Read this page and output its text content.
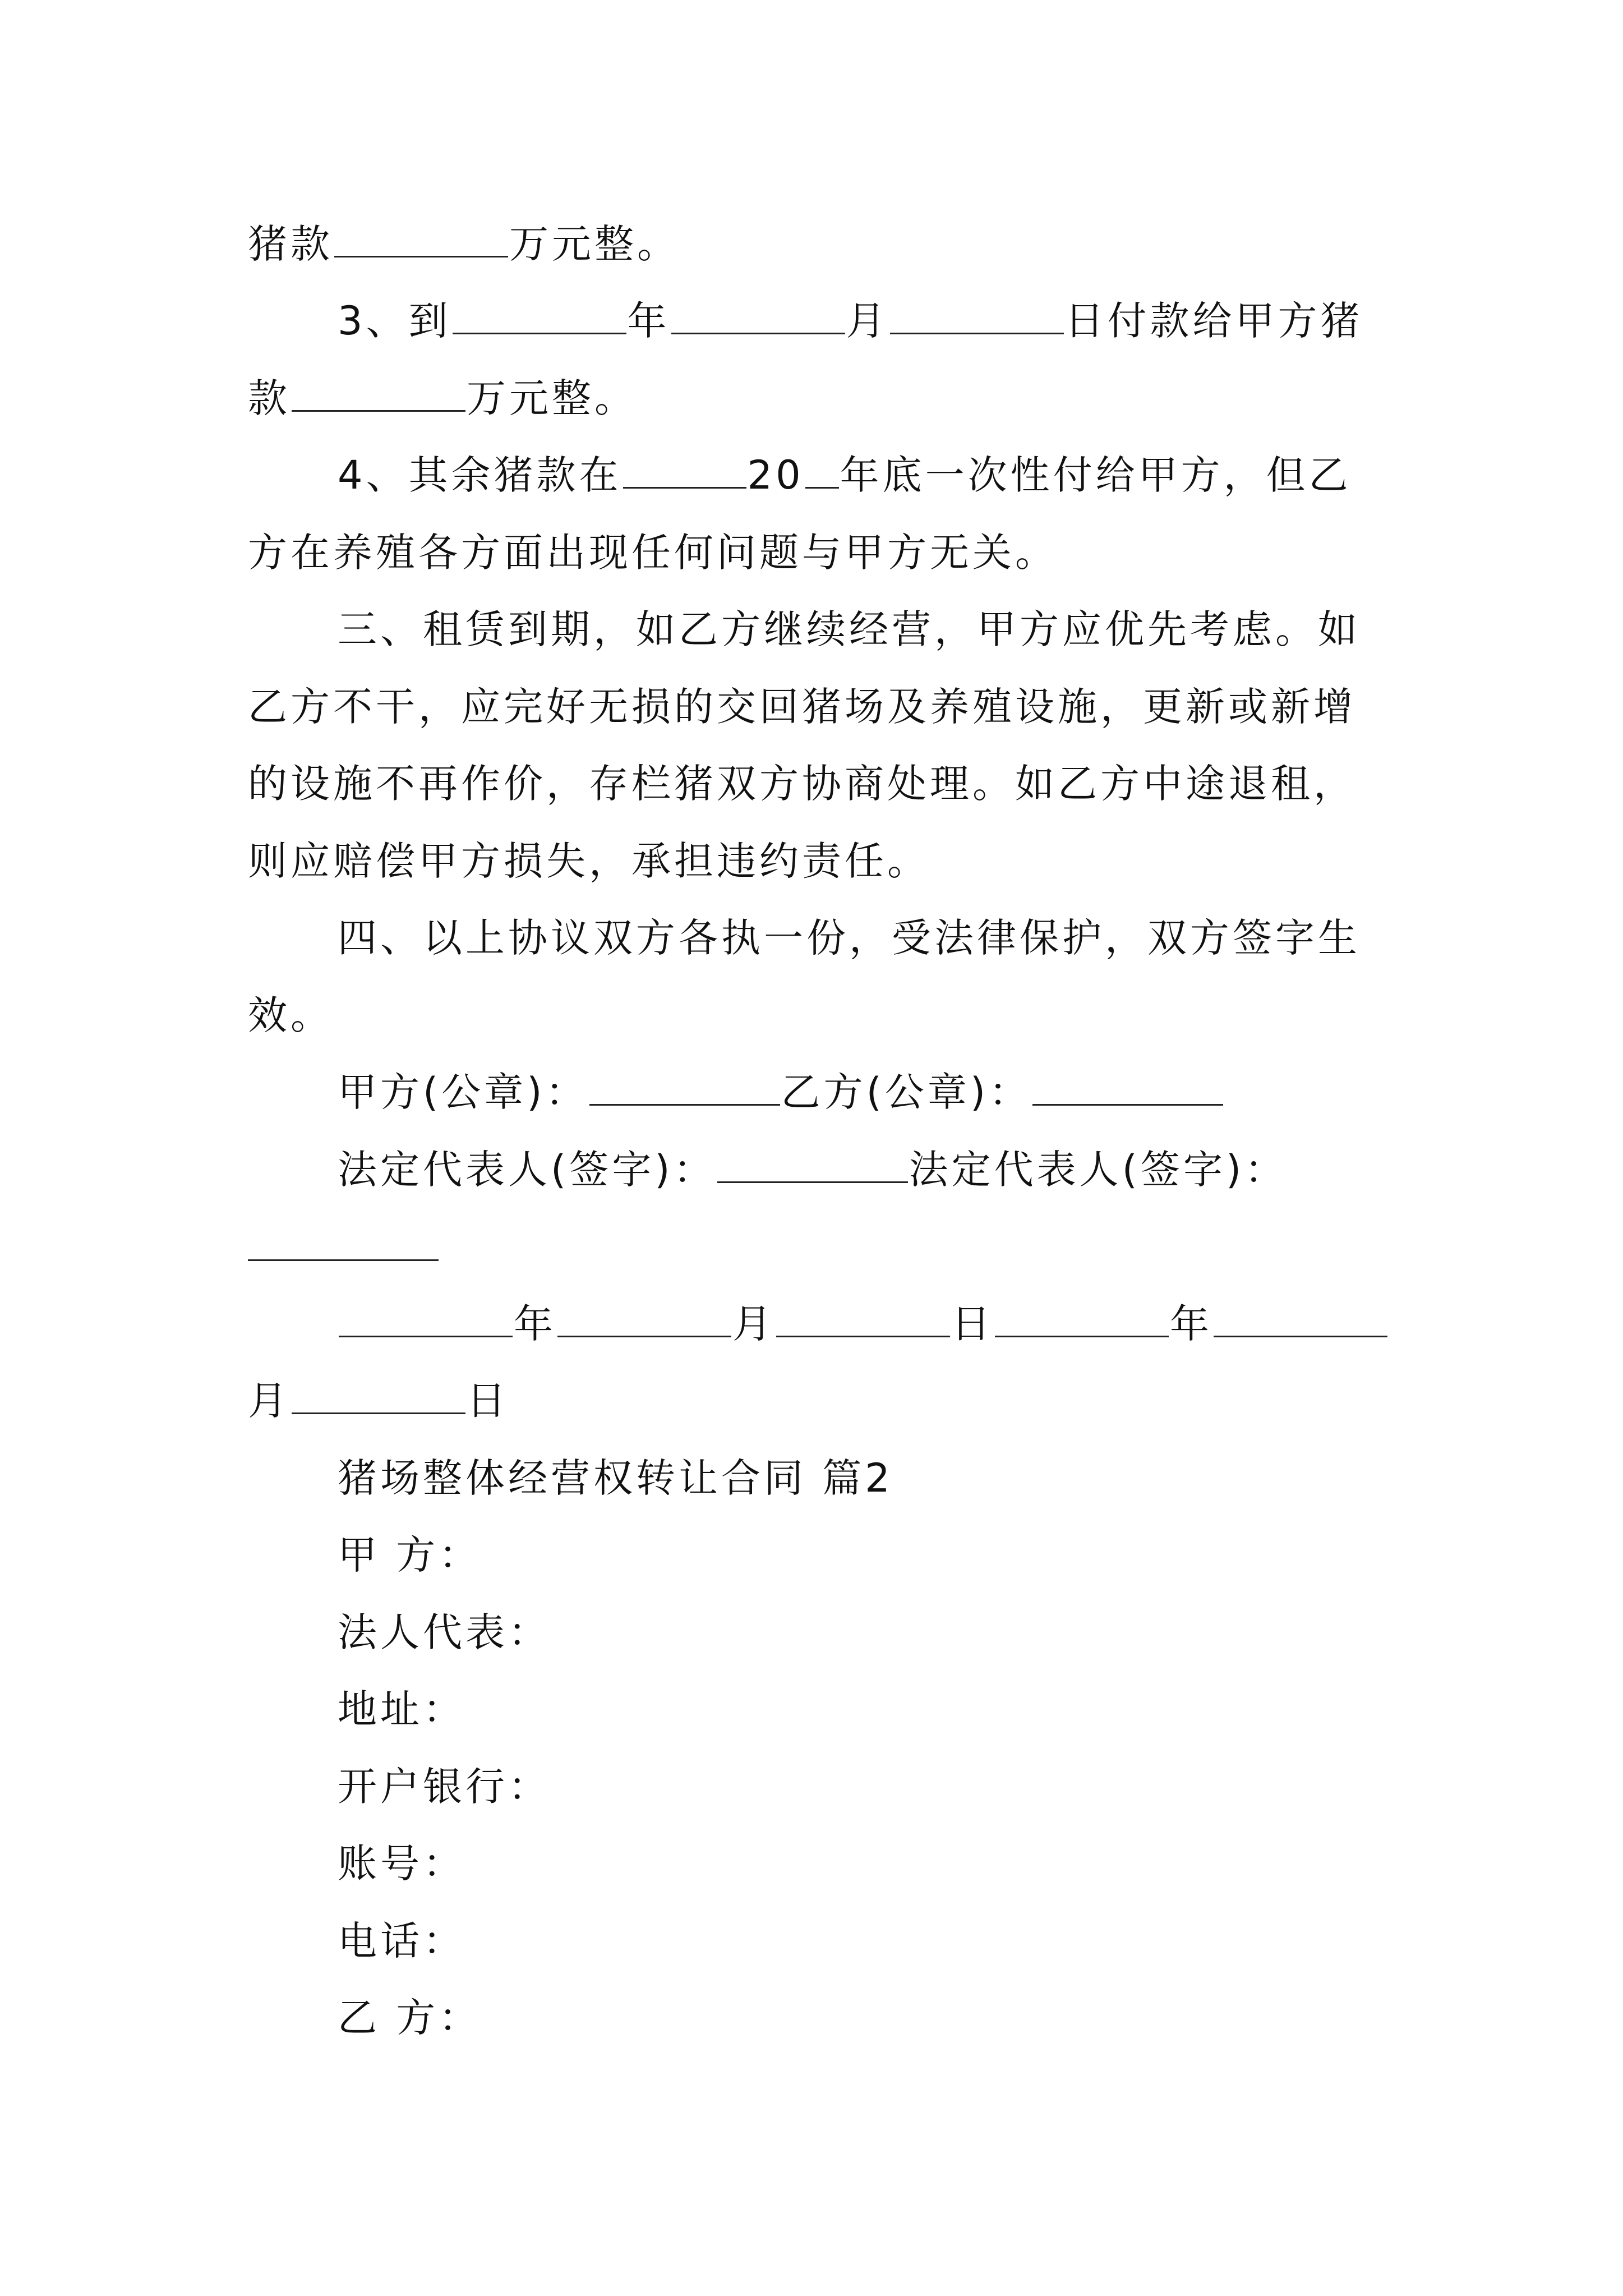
猪款	万元整。
3、到	年	月	日付款给甲方猪
款	万元整。
4、其余猪款在	20 年底一次性付给甲方，但乙
方在养殖各方面出现任何问题与甲方无关。
三、租赁到期，如乙方继续经营，甲方应优先考虑。如
乙方不干，应完好无损的交回猪场及养殖设施，更新或新增
的设施不再作价，存栏猪双方协商处理。如乙方中途退租，
则应赔偿甲方损失，承担违约责任。
四、以上协议双方各执一份，受法律保护，双方签字生
效。
甲方(公章)：	乙方(公章)：
法定代表人(签字)：	法定代表人(签字)：
年	月	日	年
月	日
猪场整体经营权转让合同 篇2
甲 方：
法人代表：
地址：
开户银行：
账号：
电话：
乙 方：
